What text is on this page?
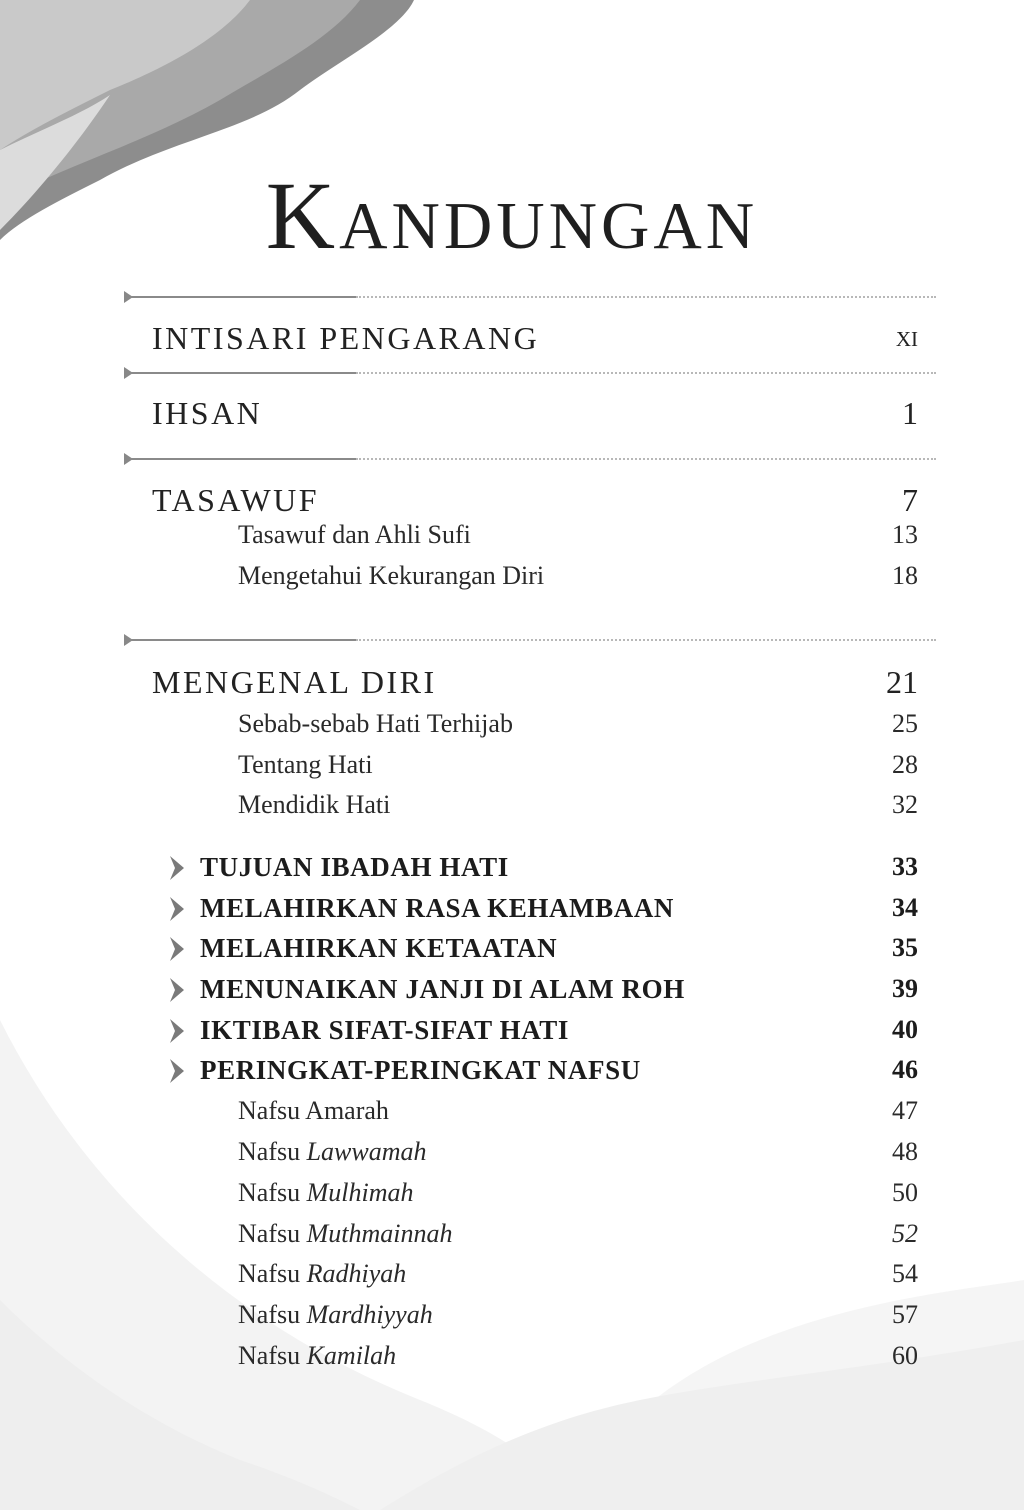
Kandungan
INTISARI PENGARANG	xi
IHSAN	1
TASAWUF	7
Tasawuf dan Ahli Sufi	13
Mengetahui Kekurangan Diri	18
MENGENAL DIRI	21
Sebab-sebab Hati Terhijab	25
Tentang Hati	28
Mendidik Hati	32
TUJUAN IBADAH HATI	33
MELAHIRKAN RASA KEHAMBAAN	34
MELAHIRKAN KETAATAN	35
MENUNAIKAN JANJI DI ALAM ROH	39
IKTIBAR SIFAT-SIFAT HATI	40
PERINGKAT-PERINGKAT NAFSU	46
Nafsu Amarah	47
Nafsu Lawwamah	48
Nafsu Mulhimah	50
Nafsu Muthmainnah	52
Nafsu Radhiyah	54
Nafsu Mardhiyyah	57
Nafsu Kamilah	60
